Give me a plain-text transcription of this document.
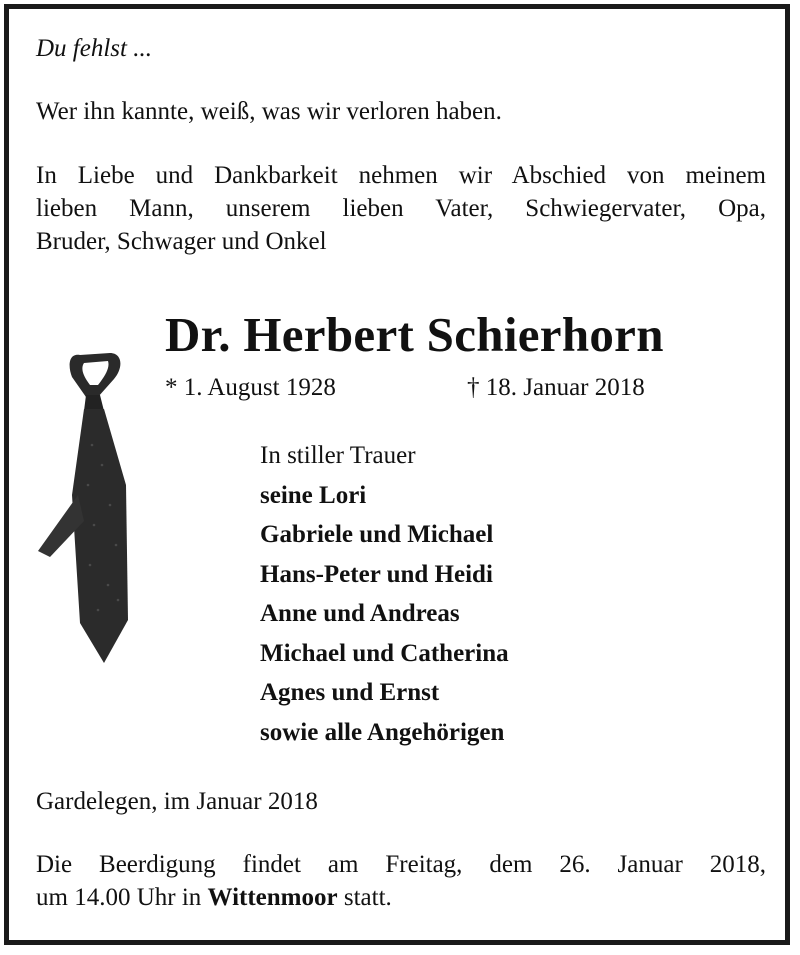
Du fehlst ...
Wer ihn kannte, weiß, was wir verloren haben.
In Liebe und Dankbarkeit nehmen wir Abschied von meinem
lieben Mann, unserem lieben Vater, Schwiegervater, Opa,
Bruder, Schwager und Onkel
Dr. Herbert Schierhorn
* 1. August 1928	† 18. Januar 2018
In stiller Trauer
seine Lori
Gabriele und Michael
Hans-Peter und Heidi
Anne und Andreas
Michael und Catherina
Agnes und Ernst
sowie alle Angehörigen
Gardelegen, im Januar 2018
Die Beerdigung findet am Freitag, dem 26. Januar 2018,
um 14.00 Uhr in Wittenmoor statt.
